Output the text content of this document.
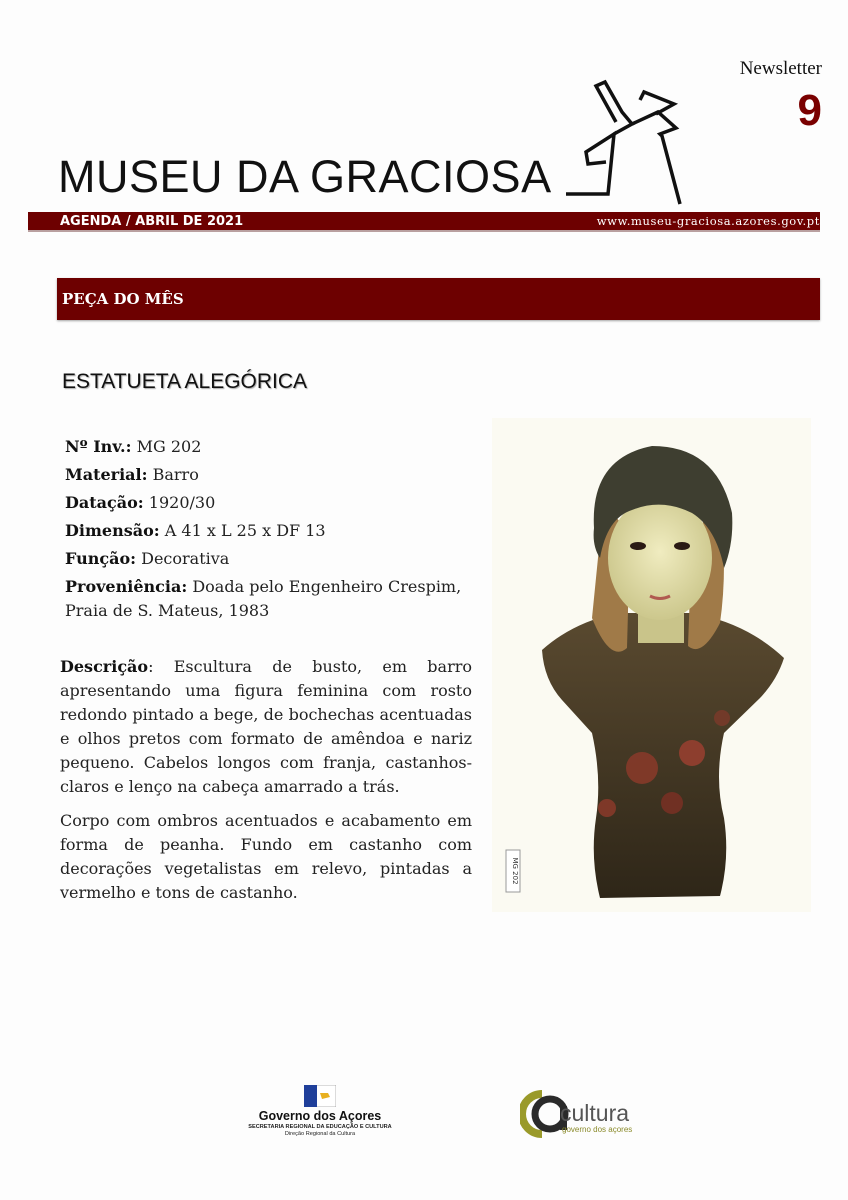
Newsletter
9
MUSEU DA GRACIOSA
AGENDA / ABRIL DE 2021	www.museu-graciosa.azores.gov.pt
PEÇA DO MÊS
ESTATUETA ALEGÓRICA
Nº Inv.: MG 202
Material: Barro
Datação: 1920/30
Dimensão: A 41 x L 25 x DF 13
Função: Decorativa
Proveniência: Doada pelo Engenheiro Crespim, Praia de S. Mateus, 1983

Descrição: Escultura de busto, em barro apresentando uma figura feminina com rosto redondo pintado a bege, de bochechas acentuadas e olhos pretos com formato de amêndoa e nariz pequeno. Cabelos longos com franja, castanhos-claros e lenço na cabeça amarrado a trás.

Corpo com ombros acentuados e acabamento em forma de peanha. Fundo em castanho com decorações vegetalistas em relevo, pintadas a vermelho e tons de castanho.

MG 202
Governo dos Açores
SECRETARIA REGIONAL DA EDUCAÇÃO E CULTURA
Direção Regional da Cultura
cultura
governo dos açores
